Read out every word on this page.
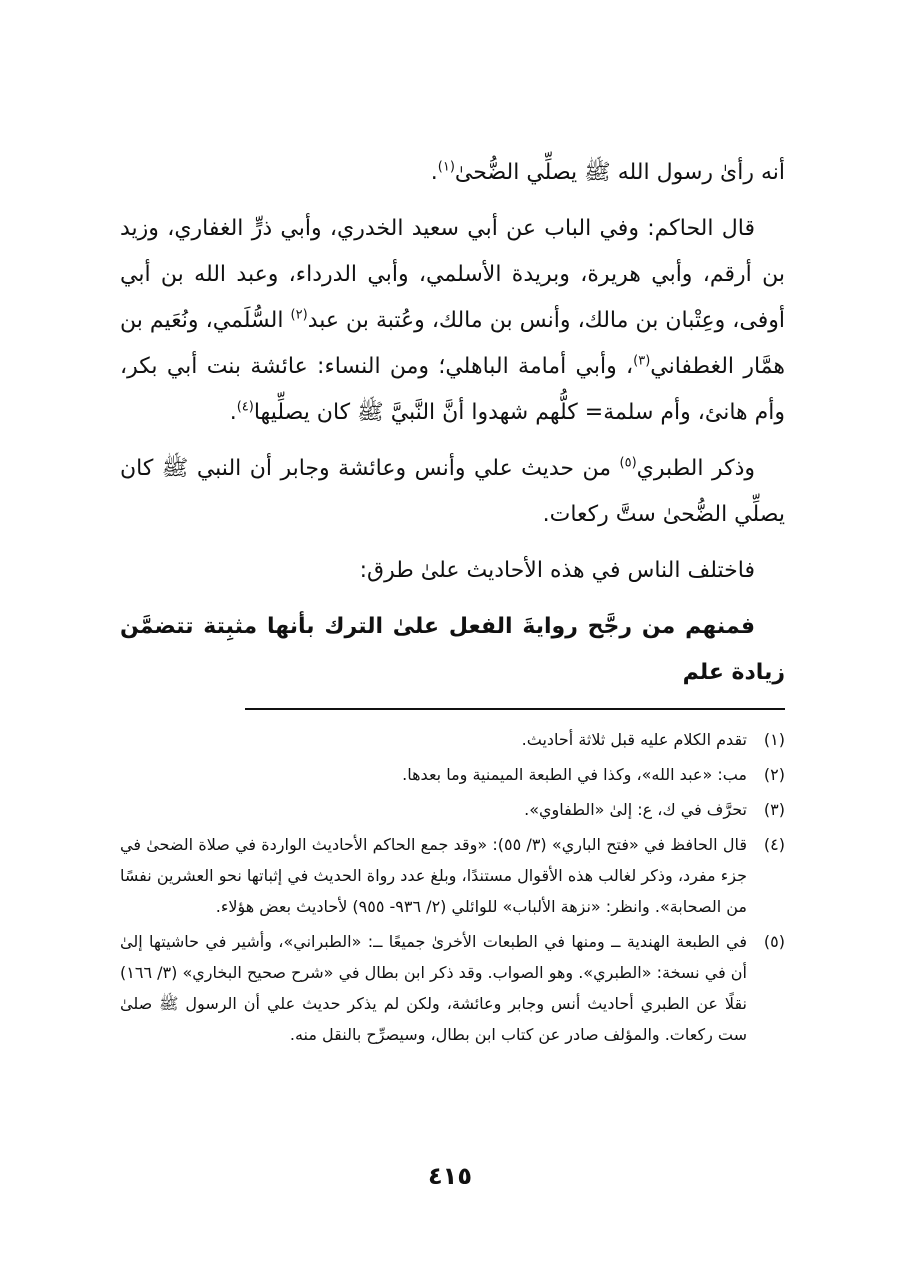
أنه رأىٰ رسول الله ﷺ يصلِّي الضُّحىٰ$^{(١)}$.

قال الحاكم: وفي الباب عن أبي سعيد الخدري، وأبي ذرٍّ الغفاري، وزيد بن أرقم، وأبي هريرة، وبريدة الأسلمي، وأبي الدرداء، وعبد الله بن أبي أوفى، وعِتْبان بن مالك، وأنس بن مالك، وعُتبة بن عبد$^{(٢)}$ السُّلَمي، ونُعَيم بن همَّار الغطفاني$^{(٣)}$، وأبي أمامة الباهلي؛ ومن النساء: عائشة بنت أبي بكر، وأم هانئ، وأم سلمة= كلُّهم شهدوا أنَّ النَّبيَّ ﷺ كان يصلِّيها$^{(٤)}$.

وذكر الطبري$^{(٥)}$ من حديث علي وأنس وعائشة وجابر أن النبي ﷺ كان يصلِّي الضُّحىٰ ستَّ ركعات.

فاختلف الناس في هذه الأحاديث علىٰ طرق:

فمنهم من رجَّح روايةَ الفعل علىٰ الترك بأنها مثبِتة تتضمَّن زيادة علم

(١)
تقدم الكلام عليه قبل ثلاثة أحاديث.
(٢)
مب: «عبد الله»، وكذا في الطبعة الميمنية وما بعدها.
(٣)
تحرَّف في ك، ع: إلىٰ «الطفاوي».
(٤)
قال الحافظ في «فتح الباري» (٣/ ٥٥): «وقد جمع الحاكم الأحاديث الواردة في صلاة الضحىٰ في جزء مفرد، وذكر لغالب هذه الأقوال مستندًا، وبلغ عدد رواة الحديث في إثباتها نحو العشرين نفسًا من الصحابة». وانظر: «نزهة الألباب» للوائلي (٢/ ٩٣٦- ٩٥٥) لأحاديث بعض هؤلاء.
(٥)
في الطبعة الهندية ــ ومنها في الطبعات الأخرىٰ جميعًا ــ: «الطبراني»، وأشير في حاشيتها إلىٰ أن في نسخة: «الطبري». وهو الصواب. وقد ذكر ابن بطال في «شرح صحيح البخاري» (٣/ ١٦٦) نقلًا عن الطبري أحاديث أنس وجابر وعائشة، ولكن لم يذكر حديث علي أن الرسول ﷺ صلىٰ ست ركعات. والمؤلف صادر عن كتاب ابن بطال، وسيصرِّح بالنقل منه.
٤١٥
